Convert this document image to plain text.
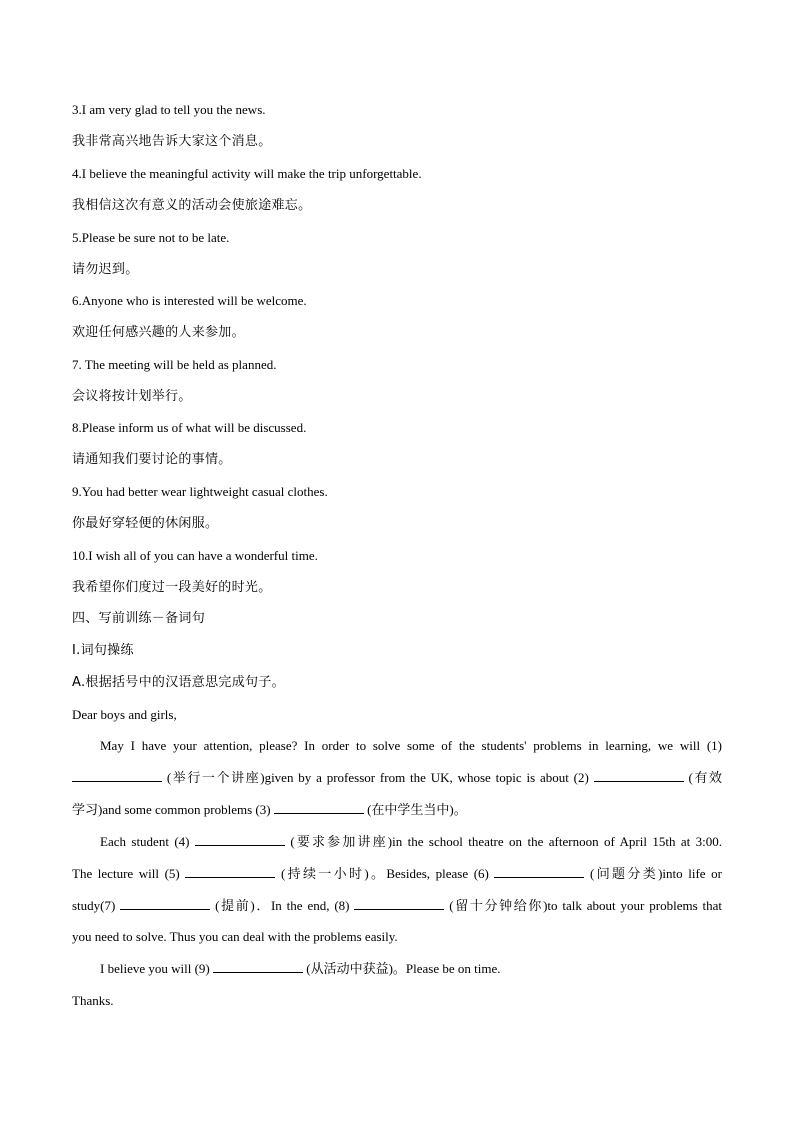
3.I am very glad to tell you the news.
我非常高兴地告诉大家这个消息。
4.I believe the meaningful activity will make the trip unforgettable.
我相信这次有意义的活动会使旅途难忘。
5.Please be sure not to be late.
请勿迟到。
6.Anyone who is interested will be welcome.
欢迎任何感兴趣的人来参加。
7. The meeting will be held as planned.
会议将按计划举行。
8.Please inform us of what will be discussed.
请通知我们要讨论的事情。
9.You had better wear lightweight casual clothes.
你最好穿轻便的休闲服。
10.I wish all of you can have a wonderful time.
我希望你们度过一段美好的时光。
四、写前训练－备词句
I.词句操练
A.根据括号中的汉语意思完成句子。
Dear boys and girls,
May I have your attention, please? In order to solve some of the students' problems in learning, we will (1)
(举行一个讲座)given by a professor from the UK, whose topic is about (2)	(有效
学习)and some common problems (3)	(在中学生当中)。
Each student (4)	(要求参加讲座)in the school theatre on the afternoon of April 15th at 3:00.
The lecture will (5)	(持续一小时)。Besides, please (6)	(问题分类)into life or
study(7)	(提前)．In the end, (8)	(留十分钟给你)to talk about your problems that
you need to solve. Thus you can deal with the problems easily.
I believe you will (9)	(从活动中获益)。Please be on time.
Thanks.
